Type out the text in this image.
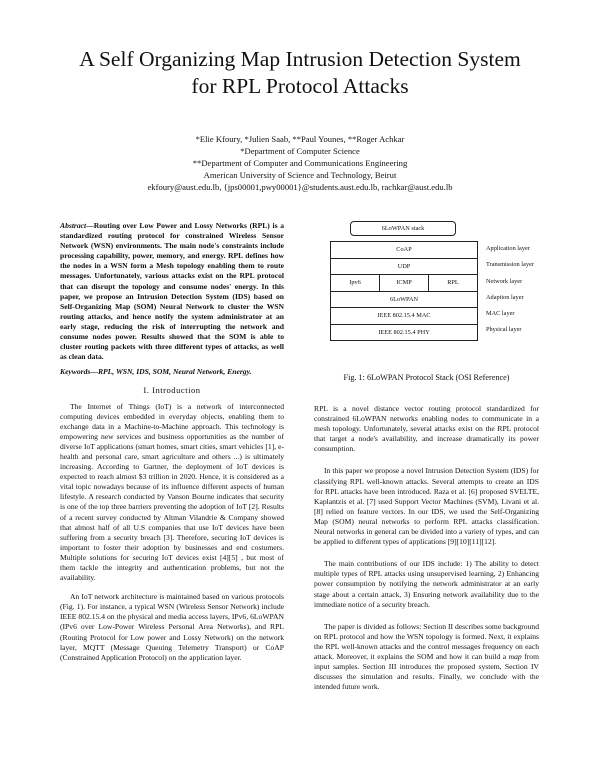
A Self Organizing Map Intrusion Detection System
for RPL Protocol Attacks
*Elie Kfoury, *Julien Saab, **Paul Younes, **Roger Achkar
*Department of Computer Science
**Department of Computer and Communications Engineering
American University of Science and Technology, Beirut
ekfoury@aust.edu.lb, {jps00001,pwy00001}@students.aust.edu.lb, rachkar@aust.edu.lb

Abstract—Routing over Low Power and Lossy Networks (RPL) is a standardized routing protocol for constrained Wireless Sensor Network (WSN) environments. The main node's constraints include processing capability, power, memory, and energy. RPL defines how the nodes in a WSN form a Mesh topology enabling them to route messages. Unfortunately, various attacks exist on the RPL protocol that can disrupt the topology and consume nodes' energy. In this paper, we propose an Intrusion Detection System (IDS) based on Self-Organizing Map (SOM) Neural Network to cluster the WSN routing attacks, and hence notify the system administrator at an early stage, reducing the risk of interrupting the network and consume nodes power. Results showed that the SOM is able to cluster routing packets with three different types of attacks, as well as clean data.

Keywords—RPL, WSN, IDS, SOM, Neural Network, Energy.

I. Introduction

The Internet of Things (IoT) is a network of interconnected computing devices embedded in everyday objects, enabling them to exchange data in a Machine-to-Machine approach. This technology is empowering new services and business opportunities as the number of diverse IoT applications (smart homes, smart cities, smart vehicles [1], e-health and personal care, smart agriculture and others ...) is ultimately increasing. According to Gartner, the deployment of IoT devices is expected to reach almost $3 trillion in 2020. Hence, it is considered as a vital topic nowadays because of its influence different aspects of human lifestyle. A research conducted by Vanson Bourne indicates that security is one of the top three barriers preventing the adoption of IoT [2]. Results of a recent survey conducted by Altman Vilandrie & Company showed that almost half of all U.S companies that use IoT devices have been suffering from a security breach [3]. Therefore, securing IoT devices is important to foster their adoption by businesses and end costumers. Multiple solutions for securing IoT devices exist [4][5] , but most of them tackle the integrity and authentication problems, but not the availability.

An IoT network architecture is maintained based on various protocols (Fig. 1). For instance, a typical WSN (Wireless Sensor Network) include IEEE 802.15.4 on the physical and media access layers, IPv6, 6LoWPAN (IPv6 over Low-Power Wireless Personal Area Networks), and RPL (Routing Protocol for Low power and Lossy Network) on the network layer, MQTT (Message Queuing Telemetry Transport) or CoAP (Constrained Application Protocol) on the application layer.

6LoWPAN stack
CoAP
UDP
Ipv6	ICMP	RPL
6LoWPAN
IEEE 802.15.4 MAC
IEEE 802.15.4 PHY
Application layer
Transmission layer
Network layer
Adaption layer
MAC layer
Physical layer
Fig. 1: 6LoWPAN Protocol Stack (OSI Reference)

RPL is a novel distance vector routing protocol standardized for constrained 6LoWPAN networks enabling nodes to communicate in a mesh topology. Unfortunately, several attacks exist on the RPL protocol that target a node's availability, and increase dramatically its power consumption.

In this paper we propose a novel Intrusion Detection System (IDS) for classifying RPL well-known attacks. Several attempts to create an IDS for RPL attacks have been introduced. Raza et al. [6] proposed SVELTE, Kaplantzis et al. [7] used Support Vector Machines (SVM), Livani et al. [8] relied on feature vectors. In our IDS, we used the Self-Organizing Map (SOM) neural networks to perform RPL attacks classification. Neural networks in general can be divided into a variety of types, and can be applied to different types of applications [9][10][11][12].

The main contributions of our IDS include: 1) The ability to detect multiple types of RPL attacks using unsupervised learning, 2) Enhancing power consumption by notifying the network administrator at an early stage about a certain attack, 3) Ensuring network availability due to the immediate notice of a security breach.

The paper is divided as follows: Section II describes some background on RPL protocol and how the WSN topology is formed. Next, it explains the RPL well-known attacks and the control messages frequency on each attack. Moreover, it explains the SOM and how it can build a map from input samples. Section III introduces the proposed system, Section IV discusses the simulation and results. Finally, we conclude with the intended future work.
